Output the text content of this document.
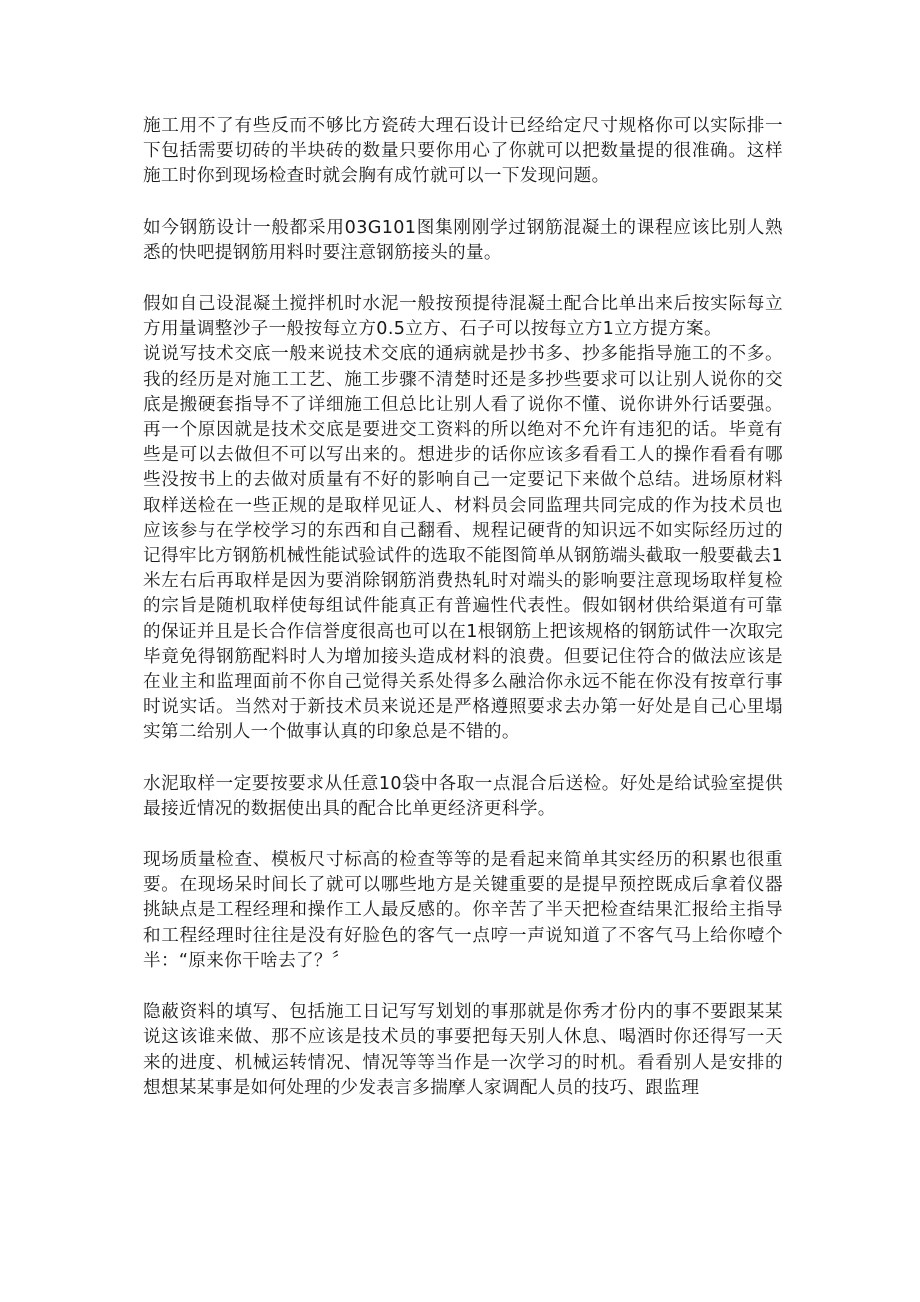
施工用不了有些反而不够比方瓷砖大理石设计已经给定尺寸规格你可以实际排一下包括需要切砖的半块砖的数量只要你用心了你就可以把数量提的很准确。这样施工时你到现场检查时就会胸有成竹就可以一下发现问题。

如今钢筋设计一般都采用03G101图集刚刚学过钢筋混凝土的课程应该比别人熟悉的快吧提钢筋用料时要注意钢筋接头的量。

假如自己设混凝土搅拌机时水泥一般按预提待混凝土配合比单出来后按实际每立方用量调整沙子一般按每立方0.5立方、石子可以按每立方1立方提方案。

说说写技术交底一般来说技术交底的通病就是抄书多、抄多能指导施工的不多。我的经历是对施工工艺、施工步骤不清楚时还是多抄些要求可以让别人说你的交底是搬硬套指导不了详细施工但总比让别人看了说你不懂、说你讲外行话要强。再一个原因就是技术交底是要进交工资料的所以绝对不允许有违犯的话。毕竟有些是可以去做但不可以写出来的。想进步的话你应该多看看工人的操作看看有哪些没按书上的去做对质量有不好的影响自己一定要记下来做个总结。进场原材料取样送检在一些正规的是取样见证人、材料员会同监理共同完成的作为技术员也应该参与在学校学习的东西和自己翻看、规程记硬背的知识远不如实际经历过的记得牢比方钢筋机械性能试验试件的选取不能图简单从钢筋端头截取一般要截去1米左右后再取样是因为要消除钢筋消费热轧时对端头的影响要注意现场取样复检的宗旨是随机取样使每组试件能真正有普遍性代表性。假如钢材供给渠道有可靠的保证并且是长合作信誉度很高也可以在1根钢筋上把该规格的钢筋试件一次取完毕竟免得钢筋配料时人为增加接头造成材料的浪费。但要记住符合的做法应该是在业主和监理面前不你自己觉得关系处得多么融洽你永远不能在你没有按章行事时说实话。当然对于新技术员来说还是严格遵照要求去办第一好处是自己心里塌实第二给别人一个做事认真的印象总是不错的。

水泥取样一定要按要求从任意10袋中各取一点混合后送检。好处是给试验室提供最接近情况的数据使出具的配合比单更经济更科学。

现场质量检查、模板尺寸标高的检查等等的是看起来简单其实经历的积累也很重要。在现场呆时间长了就可以哪些地方是关键重要的是提早预控既成后拿着仪器挑缺点是工程经理和操作工人最反感的。你辛苦了半天把检查结果汇报给主指导和工程经理时往往是没有好脸色的客气一点哼一声说知道了不客气马上给你噎个半：“原来你干啥去了？〞

隐蔽资料的填写、包括施工日记写写划划的事那就是你秀才份内的事不要跟某某说这该谁来做、那不应该是技术员的事要把每天别人休息、喝酒时你还得写一天来的进度、机械运转情况、情况等等当作是一次学习的时机。看看别人是安排的想想某某事是如何处理的少发表言多揣摩人家调配人员的技巧、跟监理
